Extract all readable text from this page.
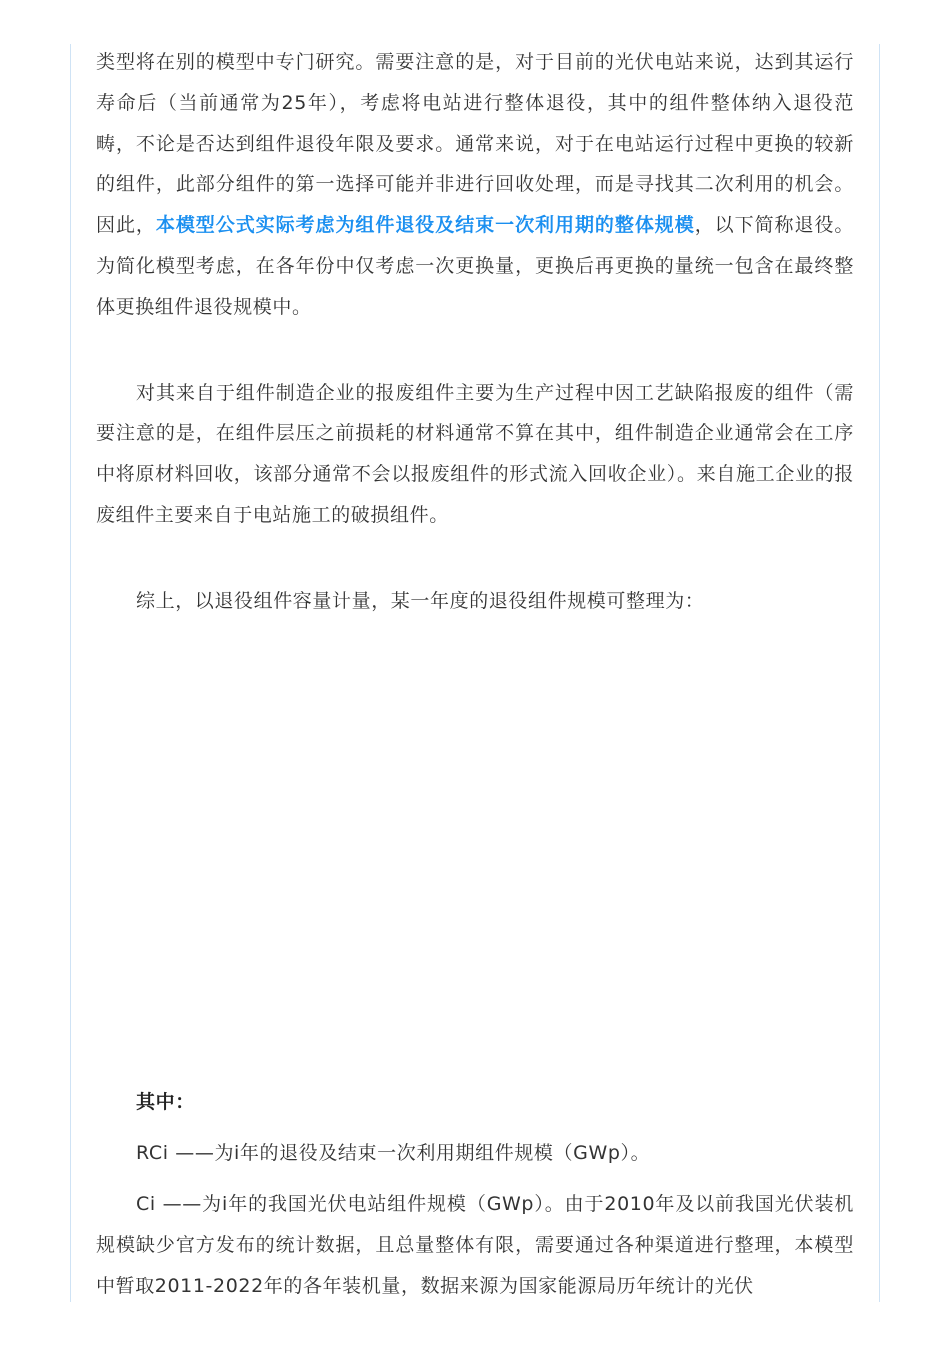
类型将在别的模型中专门研究。需要注意的是，对于目前的光伏电站来说，达到其运行寿命后（当前通常为25年），考虑将电站进行整体退役，其中的组件整体纳入退役范畴，不论是否达到组件退役年限及要求。通常来说，对于在电站运行过程中更换的较新的组件，此部分组件的第一选择可能并非进行回收处理，而是寻找其二次利用的机会。因此，本模型公式实际考虑为组件退役及结束一次利用期的整体规模，以下简称退役。为简化模型考虑，在各年份中仅考虑一次更换量，更换后再更换的量统一包含在最终整体更换组件退役规模中。

对其来自于组件制造企业的报废组件主要为生产过程中因工艺缺陷报废的组件（需要注意的是，在组件层压之前损耗的材料通常不算在其中，组件制造企业通常会在工序中将原材料回收，该部分通常不会以报废组件的形式流入回收企业）。来自施工企业的报废组件主要来自于电站施工的破损组件。

综上，以退役组件容量计量，某一年度的退役组件规模可整理为：

其中：

RCi ——为i年的退役及结束一次利用期组件规模（GWp）。

Ci ——为i年的我国光伏电站组件规模（GWp）。由于2010年及以前我国光伏装机规模缺少官方发布的统计数据，且总量整体有限，需要通过各种渠道进行整理，本模型中暂取2011-2022年的各年装机量，数据来源为国家能源局历年统计的光伏
